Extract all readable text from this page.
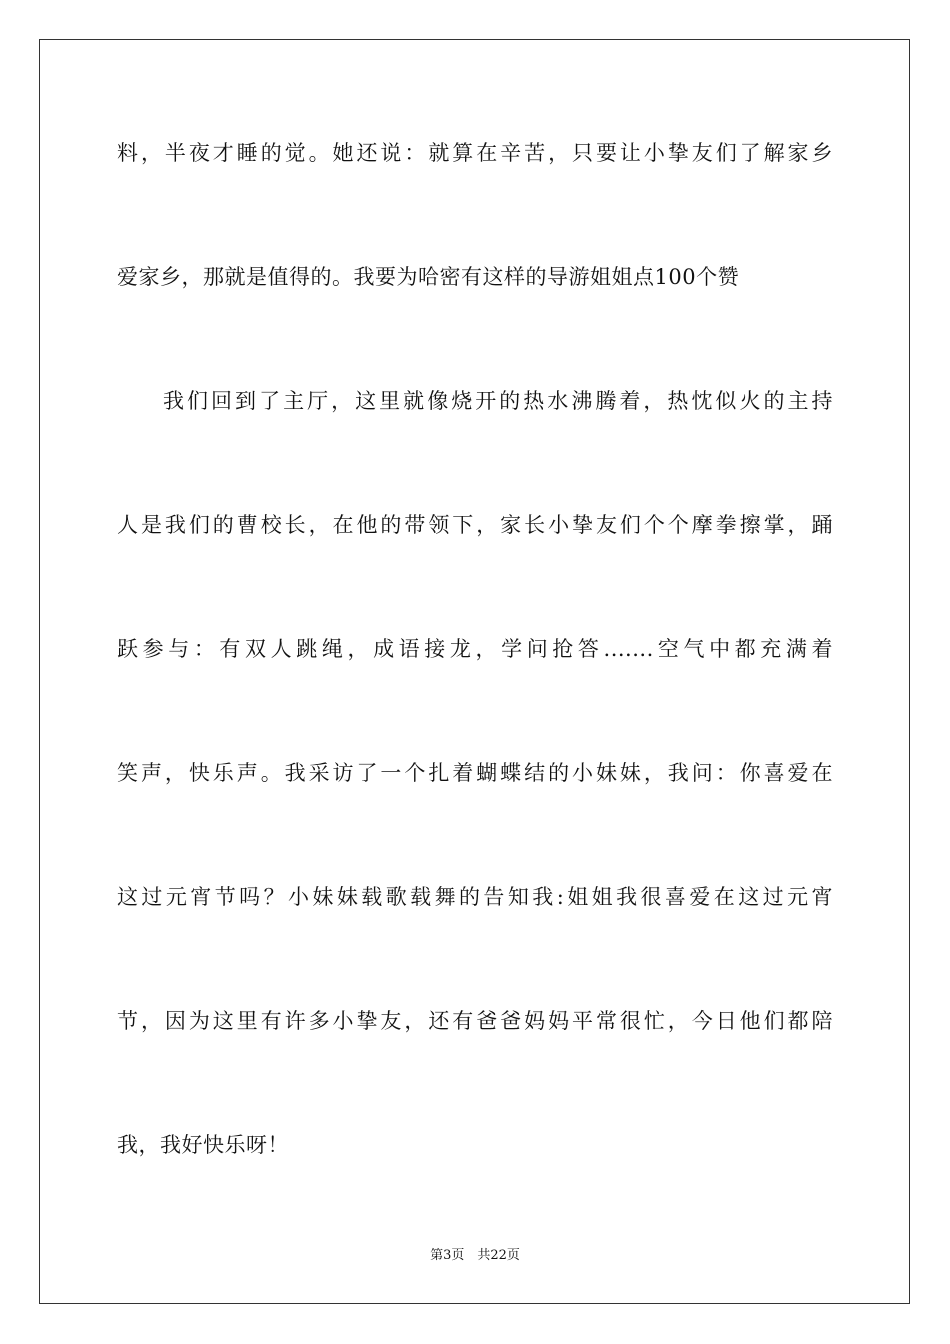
料，半夜才睡的觉。她还说：就算在辛苦，只要让小挚友们了解家乡
爱家乡，那就是值得的。我要为哈密有这样的导游姐姐点100个赞
我们回到了主厅，这里就像烧开的热水沸腾着，热忱似火的主持
人是我们的曹校长，在他的带领下，家长小挚友们个个摩拳擦掌，踊
跃参与：有双人跳绳，成语接龙，学问抢答.......空气中都充满着
笑声，快乐声。我采访了一个扎着蝴蝶结的小妹妹，我问：你喜爱在
这过元宵节吗？小妹妹载歌载舞的告知我:姐姐我很喜爱在这过元宵
节，因为这里有许多小挚友，还有爸爸妈妈平常很忙，今日他们都陪
我，我好快乐呀！
第3页　共22页
